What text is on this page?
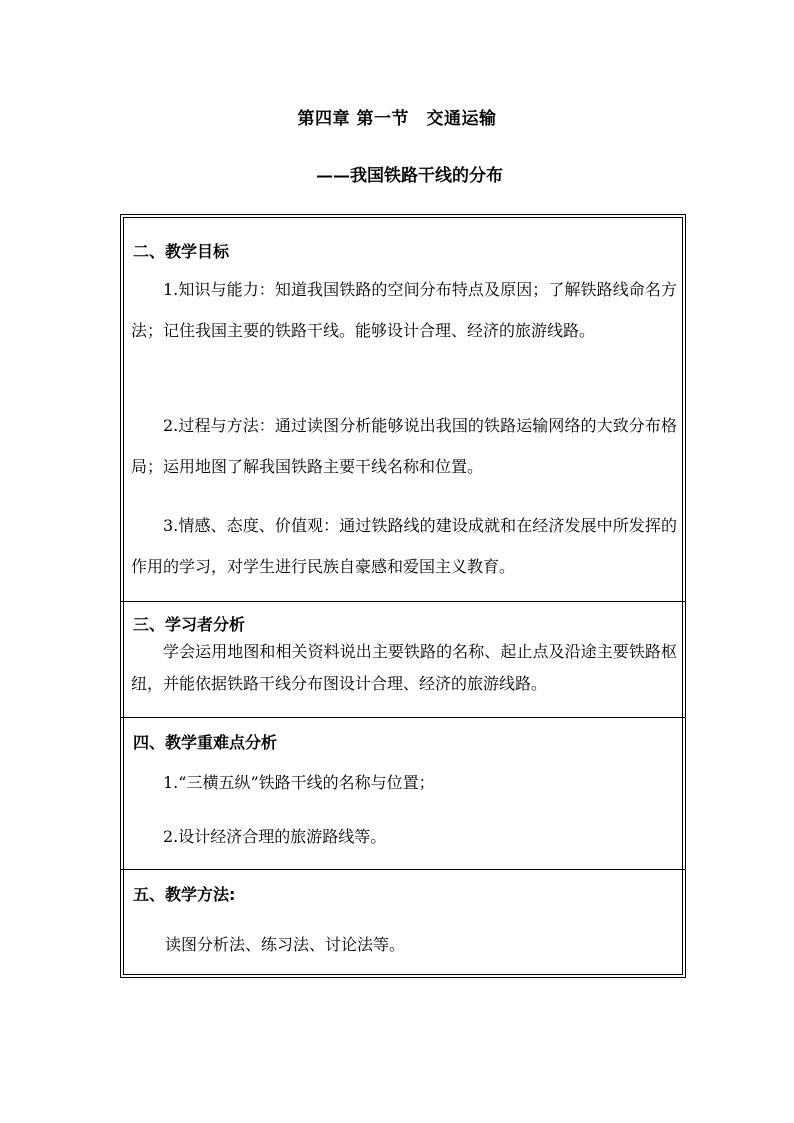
第四章 第一节　交通运输
——我国铁路干线的分布
二、教学目标
1.知识与能力：知道我国铁路的空间分布特点及原因；了解铁路线命名方法；记住我国主要的铁路干线。能够设计合理、经济的旅游线路。
2.过程与方法：通过读图分析能够说出我国的铁路运输网络的大致分布格局；运用地图了解我国铁路主要干线名称和位置。
3.情感、态度、价值观：通过铁路线的建设成就和在经济发展中所发挥的作用的学习，对学生进行民族自豪感和爱国主义教育。
三、学习者分析
学会运用地图和相关资料说出主要铁路的名称、起止点及沿途主要铁路枢纽，并能依据铁路干线分布图设计合理、经济的旅游线路。
四、教学重难点分析
1.“三横五纵”铁路干线的名称与位置；
2.设计经济合理的旅游路线等。
五、教学方法:
读图分析法、练习法、讨论法等。
